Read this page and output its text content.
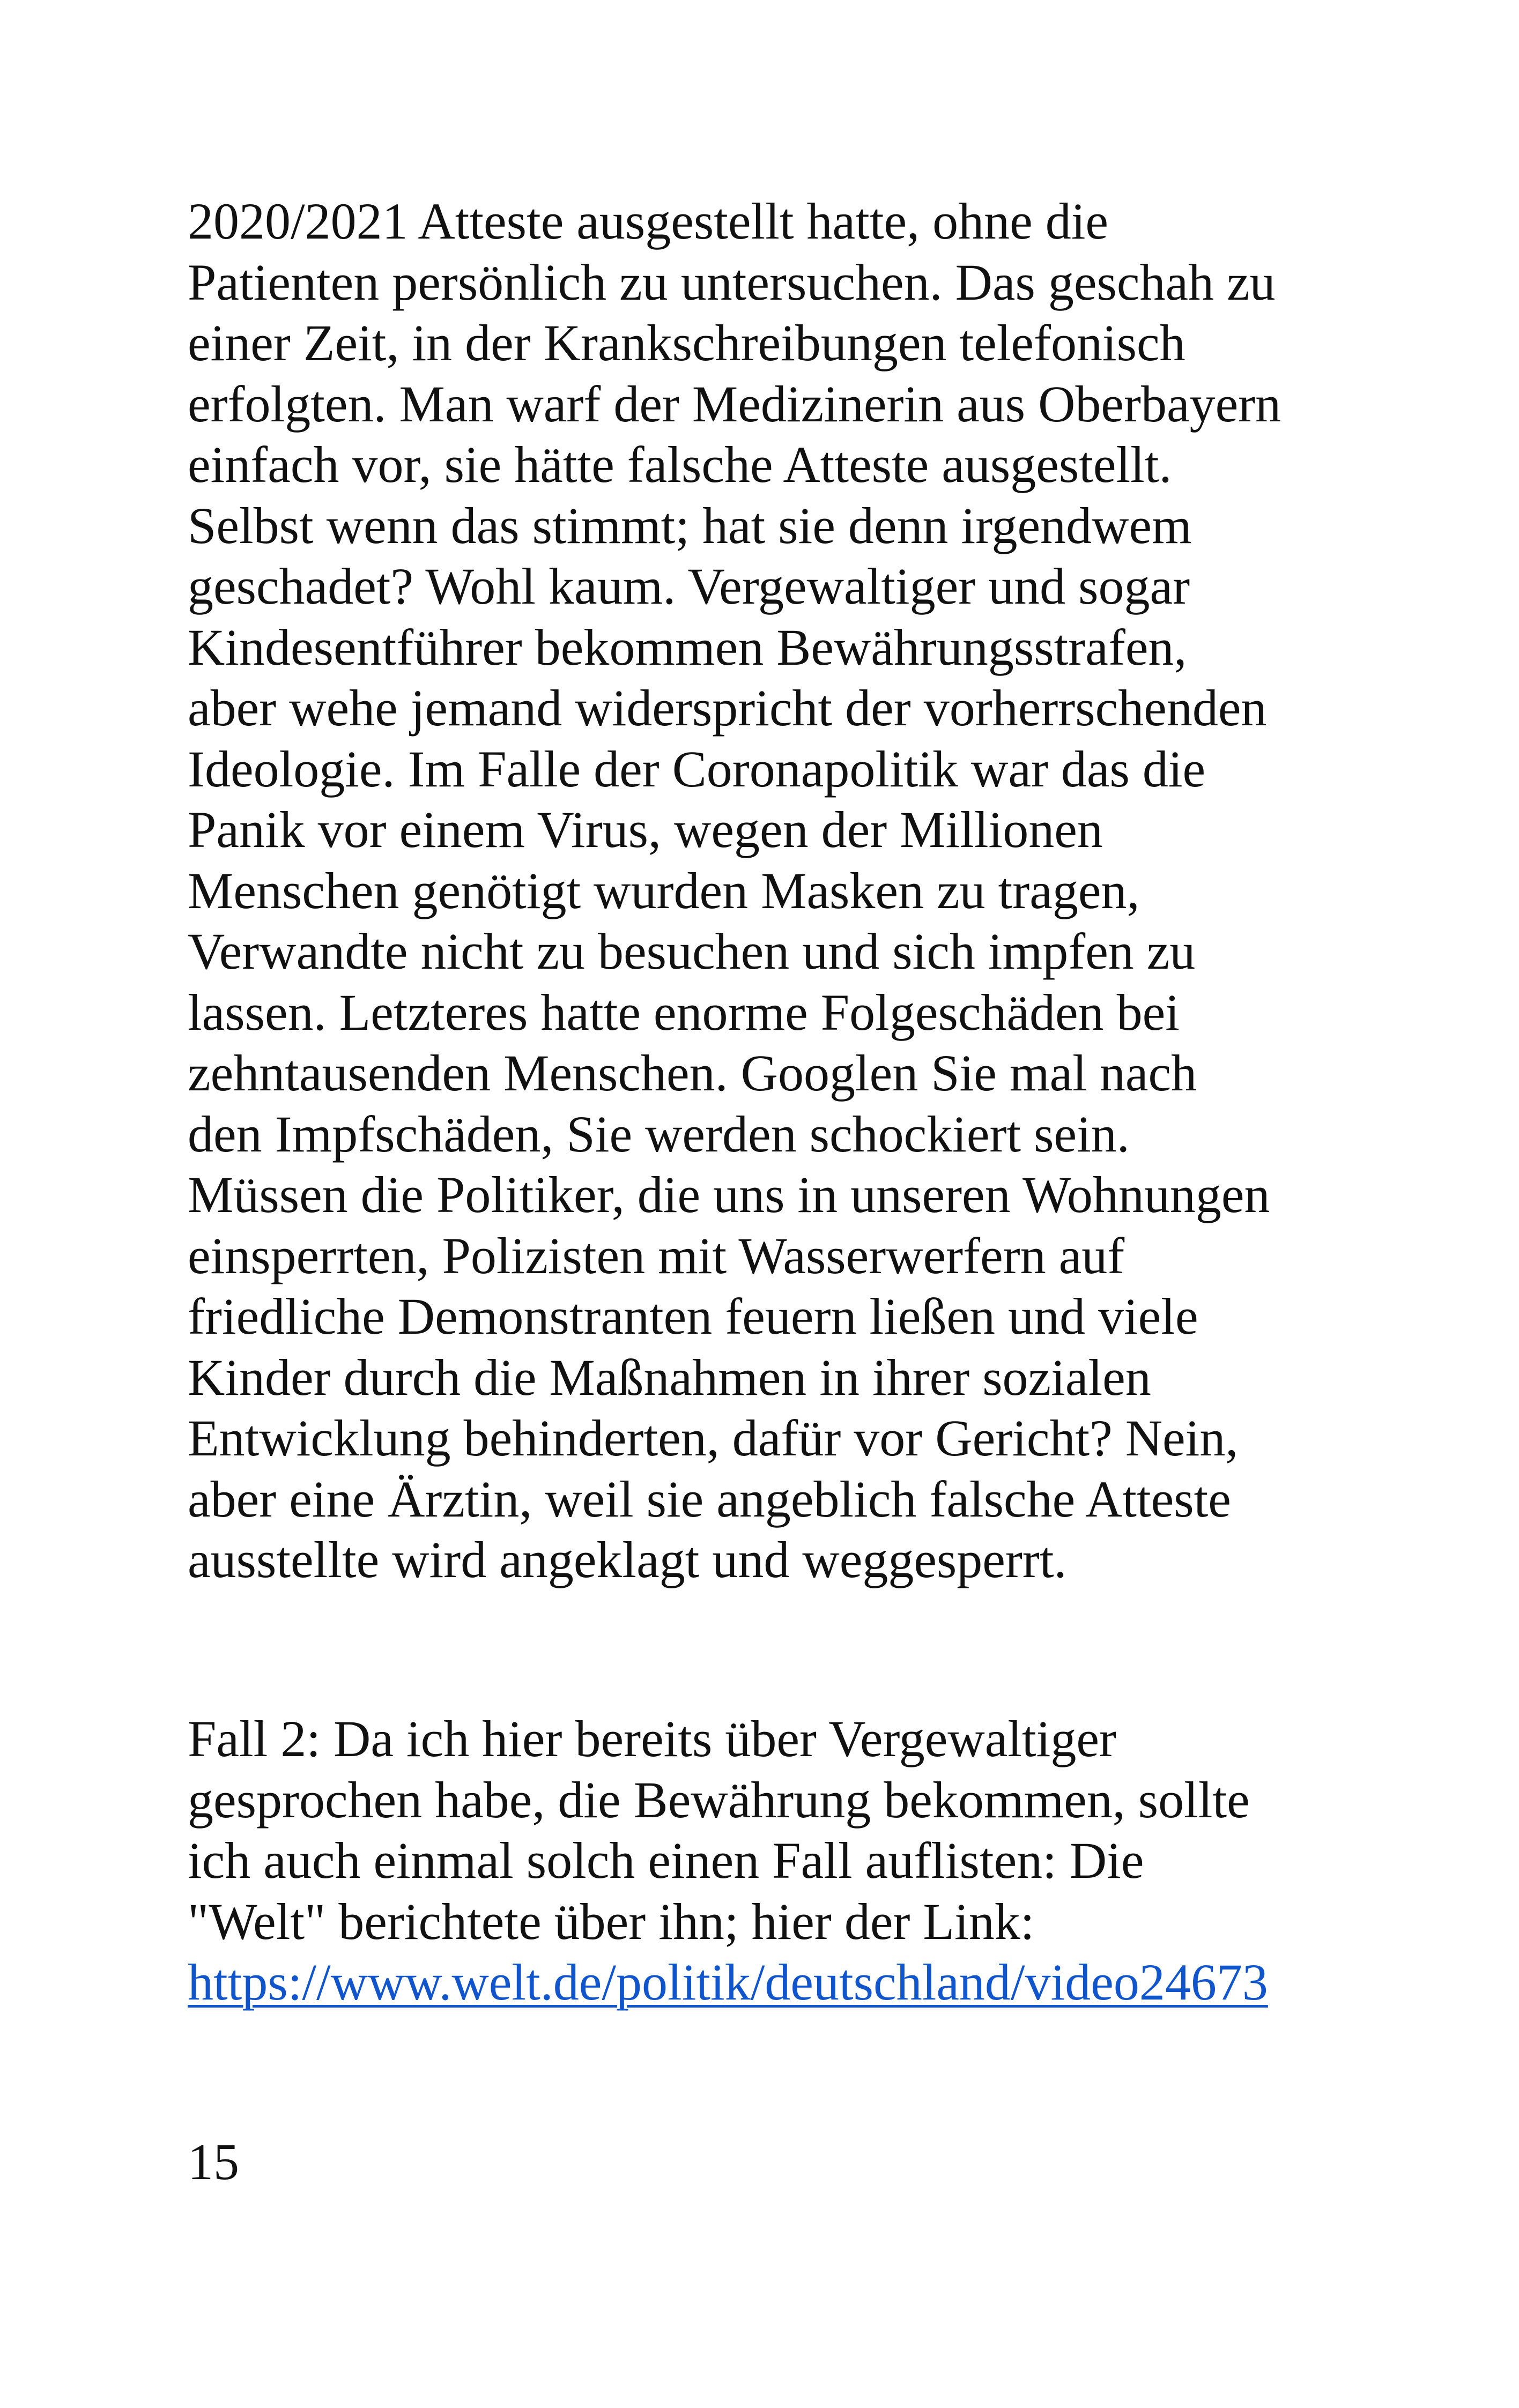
2020/2021 Atteste ausgestellt hatte, ohne die
Patienten persönlich zu untersuchen. Das geschah zu
einer Zeit, in der Krankschreibungen telefonisch
erfolgten. Man warf der Medizinerin aus Oberbayern
einfach vor, sie hätte falsche Atteste ausgestellt.
Selbst wenn das stimmt; hat sie denn irgendwem
geschadet? Wohl kaum. Vergewaltiger und sogar
Kindesentführer bekommen Bewährungsstrafen,
aber wehe jemand widerspricht der vorherrschenden
Ideologie. Im Falle der Coronapolitik war das die
Panik vor einem Virus, wegen der Millionen
Menschen genötigt wurden Masken zu tragen,
Verwandte nicht zu besuchen und sich impfen zu
lassen. Letzteres hatte enorme Folgeschäden bei
zehntausenden Menschen. Googlen Sie mal nach
den Impfschäden, Sie werden schockiert sein.
Müssen die Politiker, die uns in unseren Wohnungen
einsperrten, Polizisten mit Wasserwerfern auf
friedliche Demonstranten feuern ließen und viele
Kinder durch die Maßnahmen in ihrer sozialen
Entwicklung behinderten, dafür vor Gericht? Nein,
aber eine Ärztin, weil sie angeblich falsche Atteste
ausstellte wird angeklagt und weggesperrt.
Fall 2: Da ich hier bereits über Vergewaltiger
gesprochen habe, die Bewährung bekommen, sollte
ich auch einmal solch einen Fall auflisten: Die
"Welt" berichtete über ihn; hier der Link:
https://www.welt.de/politik/deutschland/video24673
15
